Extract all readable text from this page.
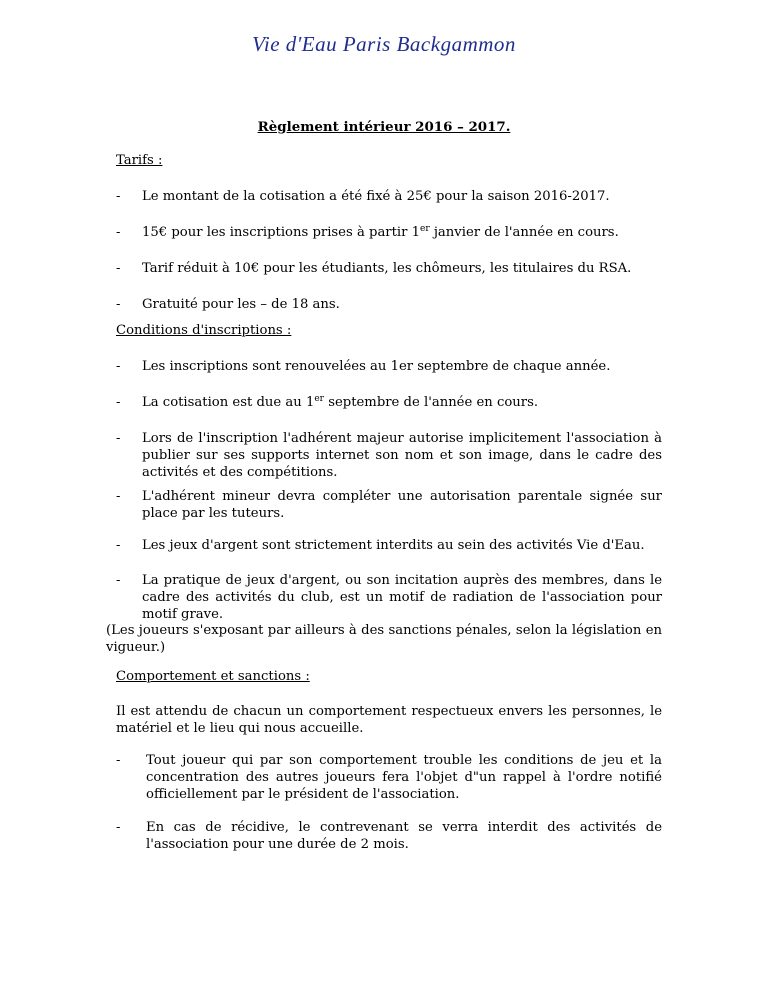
Vie d'Eau Paris Backgammon
Règlement intérieur 2016 – 2017.
Tarifs :
- Le montant de la cotisation a été fixé à 25€ pour la saison 2016-2017.
- 15€ pour les inscriptions prises à partir 1er janvier de l'année en cours.
- Tarif réduit à 10€ pour les étudiants, les chômeurs, les titulaires du RSA.
- Gratuité pour les – de 18 ans.
Conditions d'inscriptions :
- Les inscriptions sont renouvelées au 1er septembre de chaque année.
- La cotisation est due au 1er septembre de l'année en cours.
- Lors de l'inscription l'adhérent majeur autorise implicitement l'association à publier sur ses supports internet son nom et son image, dans le cadre des activités et des compétitions.
- L'adhérent mineur devra compléter une autorisation parentale signée sur place par les tuteurs.
- Les jeux d'argent sont strictement interdits au sein des activités Vie d'Eau.
- La pratique de jeux d'argent, ou son incitation auprès des membres, dans le cadre des activités du club, est un motif de radiation de l'association pour motif grave.
(Les joueurs s'exposant par ailleurs à des sanctions pénales, selon la législation en vigueur.)
Comportement et sanctions :
Il est attendu de chacun un comportement respectueux envers les personnes, le matériel et le lieu qui nous accueille.
- Tout joueur qui par son comportement trouble les conditions de jeu et la concentration des autres joueurs fera l'objet d"un rappel à l'ordre notifié officiellement par le président de l'association.
- En cas de récidive, le contrevenant se verra interdit des activités de l'association pour une durée de 2 mois.
